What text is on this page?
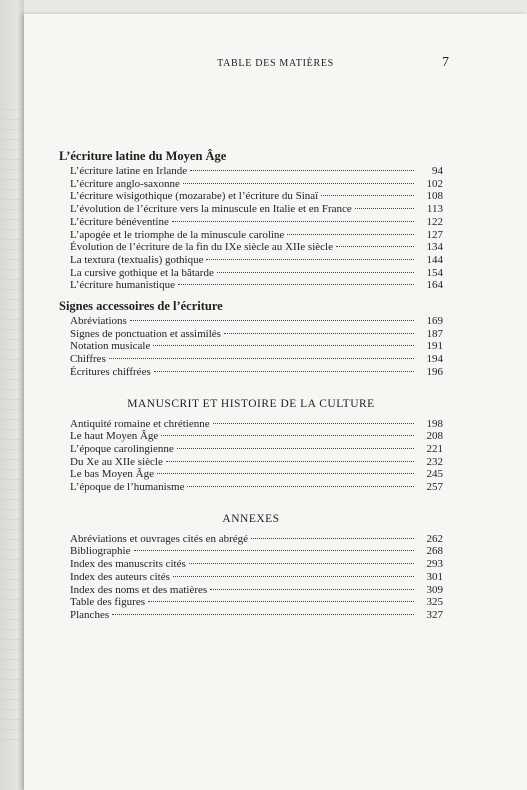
TABLE DES MATIÈRES	7
L’écriture latine du Moyen Âge
L’écriture latine en Irlande	94
L’écriture anglo-saxonne	102
L’écriture wisigothique (mozarabe) et l’écriture du Sinaï	108
L’évolution de l’écriture vers la minuscule en Italie et en France	113
L’écriture bénéventine	122
L’apogée et le triomphe de la minuscule caroline	127
Évolution de l’écriture de la fin du IXe siècle au XIIe siècle	134
La textura (textualis) gothique	144
La cursive gothique et la bâtarde	154
L’écriture humanistique	164
Signes accessoires de l’écriture
Abréviations	169
Signes de ponctuation et assimilés	187
Notation musicale	191
Chiffres	194
Écritures chiffrées	196
MANUSCRIT ET HISTOIRE DE LA CULTURE
Antiquité romaine et chrétienne	198
Le haut Moyen Âge	208
L’époque carolingienne	221
Du Xe au XIIe siècle	232
Le bas Moyen Âge	245
L’époque de l’humanisme	257
ANNEXES
Abréviations et ouvrages cités en abrégé	262
Bibliographie	268
Index des manuscrits cités	293
Index des auteurs cités	301
Index des noms et des matières	309
Table des figures	325
Planches	327
